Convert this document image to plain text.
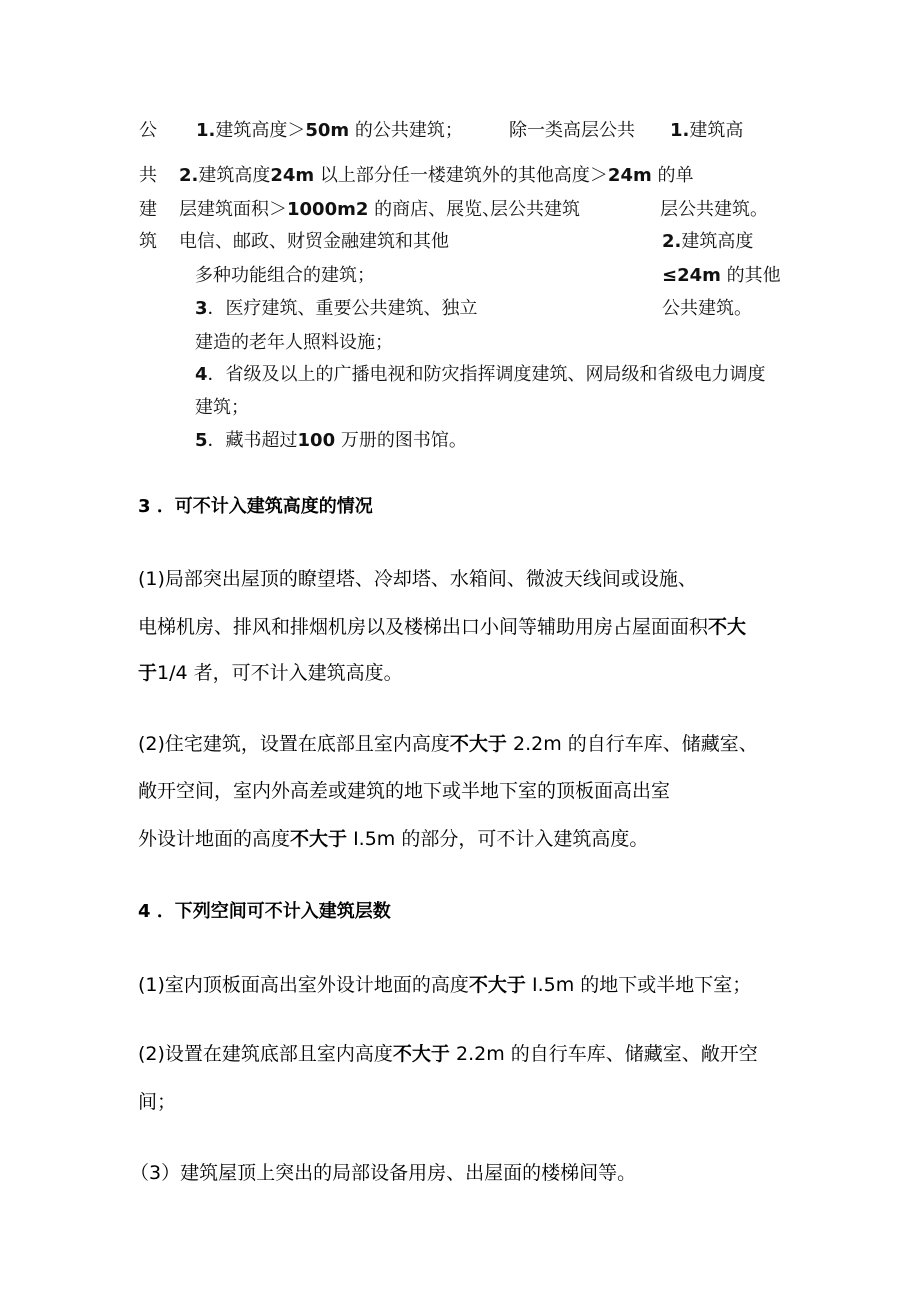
公
共
建
筑
1.建筑高度＞50m 的公共建筑；
2.建筑高度24m 以上部分任一楼建筑外的其他高度＞24m 的单
层建筑面积＞1000m2 的商店、展览、
电信、邮政、财贸金融建筑和其他
多种功能组合的建筑；
3．医疗建筑、重要公共建筑、独立
建造的老年人照料设施；
4．省级及以上的广播电视和防灾指挥调度建筑、网局级和省级电力调度
建筑；
5．藏书超过100 万册的图书馆。
除一类高层公共
层公共建筑
1.建筑高
层公共建筑。
2.建筑高度
≤24m 的其他
公共建筑。
3 ．可不计入建筑高度的情况
(1)局部突出屋顶的瞭望塔、冷却塔、水箱间、微波天线间或设施、
电梯机房、排风和排烟机房以及楼梯出口小间等辅助用房占屋面面积不大
于1/4 者，可不计入建筑高度。
(2)住宅建筑，设置在底部且室内高度不大于 2.2m 的自行车库、储藏室、
敞开空间，室内外高差或建筑的地下或半地下室的顶板面高出室
外设计地面的高度不大于 I.5m 的部分，可不计入建筑高度。
4 ．下列空间可不计入建筑层数
(1)室内顶板面高出室外设计地面的高度不大于 I.5m 的地下或半地下室；
(2)设置在建筑底部且室内高度不大于 2.2m 的自行车库、储藏室、敞开空
间；
（3）建筑屋顶上突出的局部设备用房、出屋面的楼梯间等。
